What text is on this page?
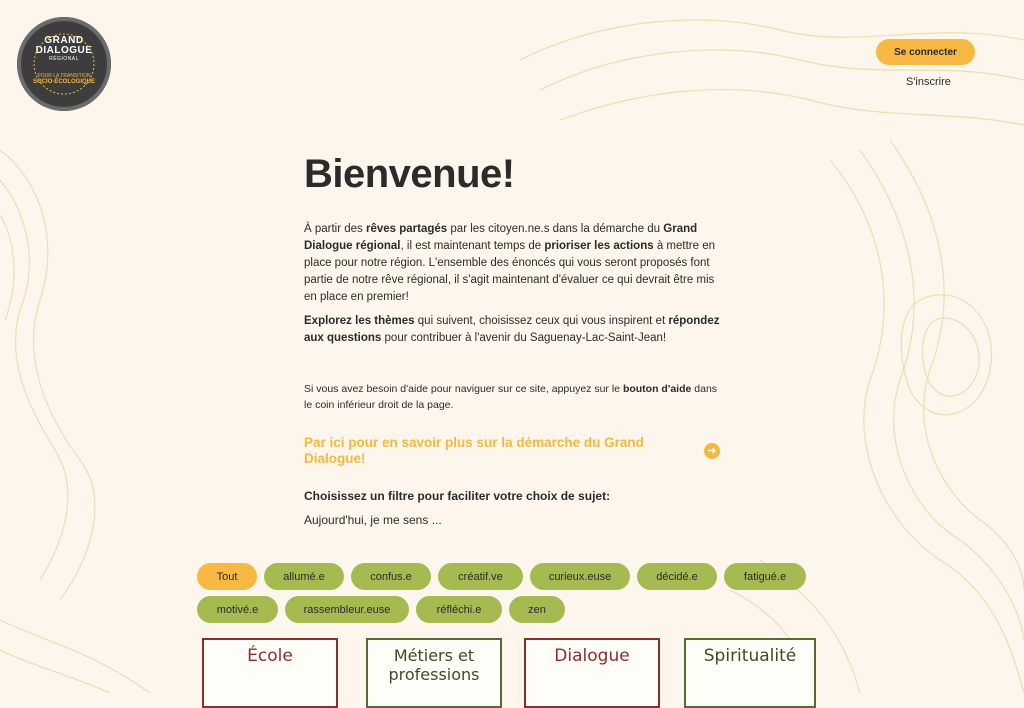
GRAND
DIALOGUE
RÉGIONAL
POUR LA TRANSITION
SOCIO-ÉCOLOGIQUE
Se connecter
S'inscrire
Bienvenue!

À partir des rêves partagés par les citoyen.ne.s dans la démarche du Grand Dialogue régional, il est maintenant temps de prioriser les actions à mettre en place pour notre région. L'ensemble des énoncés qui vous seront proposés font partie de notre rêve régional, il s'agit maintenant d'évaluer ce qui devrait être mis en place en premier!

Explorez les thèmes qui suivent, choisissez ceux qui vous inspirent et répondez aux questions pour contribuer à l'avenir du Saguenay-Lac-Saint-Jean!

Si vous avez besoin d'aide pour naviguer sur ce site, appuyez sur le bouton d'aide dans le coin inférieur droit de la page.

Par ici pour en savoir plus sur la démarche du Grand Dialogue!	➜

Choisissez un filtre pour faciliter votre choix de sujet:

Aujourd'hui, je me sens ...

Tout	allumé.e	confus.e	créatif.ve	curieux.euse	décidé.e	fatigué.e
motivé.e	rassembleur.euse	réfléchi.e	zen
École	Métiers et professions
Dialogue	Spiritualité
